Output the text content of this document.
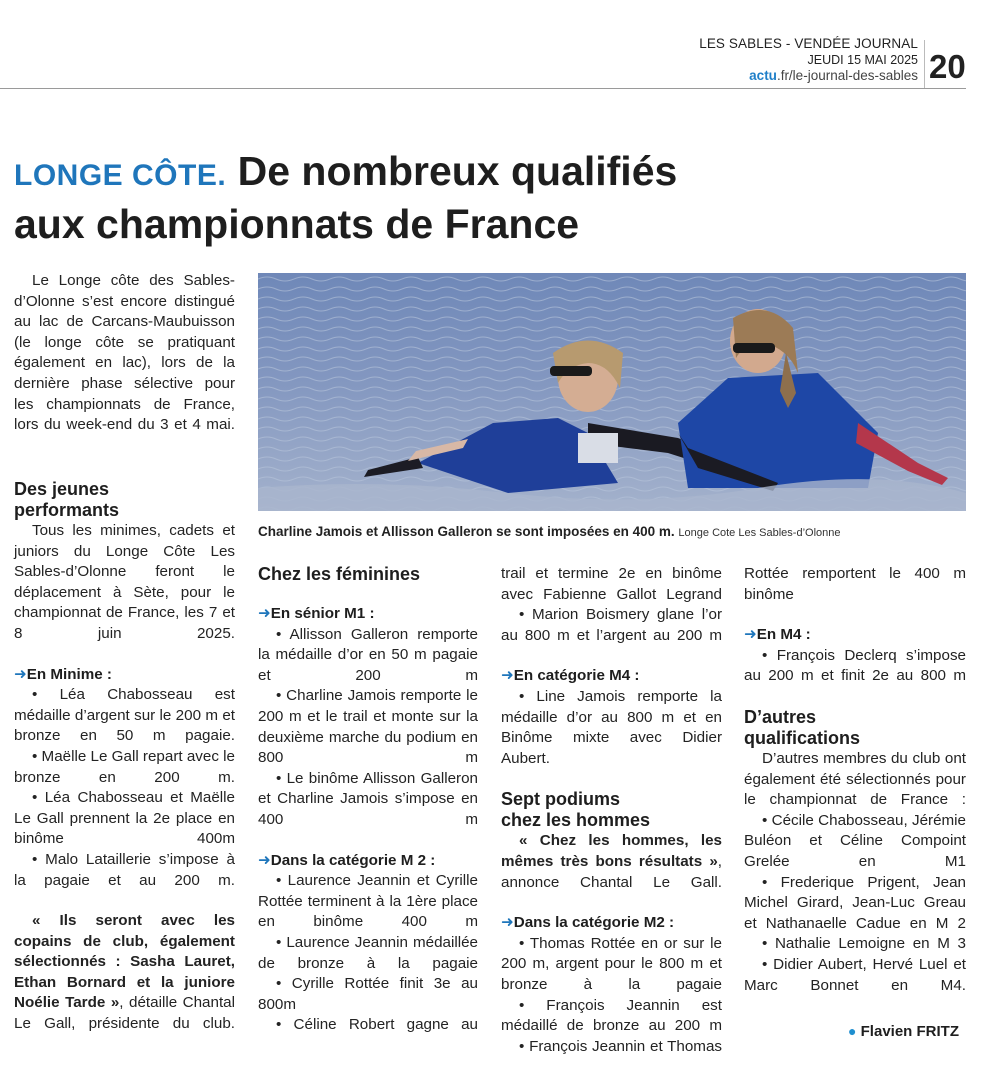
LES SABLES - VENDÉE JOURNAL
JEUDI 15 MAI 2025
actu.fr/le-journal-des-sables 20
LONGE CÔTE. De nombreux qualifiés
aux championnats de France

Le Longe côte des Sables-

d’Olonne s’est encore distingué

au lac de Carcans-Maubuisson

(le longe côte se pratiquant

également en lac), lors de la

dernière phase sélective pour

les championnats de France,

lors du week-end du 3 et 4 mai.

Des jeunes
performants

Tous les minimes, cadets et juniors du Longe Côte Les Sables-d’Olonne feront le déplacement à Sète, pour le championnat de France, les 7 et 8 juin 2025.

➜En Minime :

• Léa Chabosseau est médaille d’argent sur le 200 m et bronze en 50 m pagaie.

• Maëlle Le Gall repart avec le bronze en 200 m.

• Léa Chabosseau et Maëlle Le Gall prennent la 2e place en binôme 400m

• Malo Lataillerie s’impose à la pagaie et au 200 m.

« Ils seront avec les copains de club, également sélectionnés : Sasha Lauret, Ethan Bornard et la juniore Noélie Tarde », détaille Chantal Le Gall, présidente du club.

Charline Jamois et Allisson Galleron se sont imposées en 400 m. Longe Cote Les Sables-d’Olonne

Chez les féminines

➜En sénior M1 :

• Allisson Galleron remporte la médaille d’or en 50 m pagaie et 200 m

• Charline Jamois remporte le 200 m et le trail et monte sur la deuxième marche du podium en 800 m

• Le binôme Allisson Galleron et Charline Jamois s’impose en 400 m

➜Dans la catégorie M 2 :

• Laurence Jeannin et Cyrille Rottée terminent à la 1ère place en binôme 400 m

• Laurence Jeannin médaillée de bronze à la pagaie

• Cyrille Rottée finit 3e au 800m

• Céline Robert gagne au

trail et termine 2e en binôme avec Fabienne Gallot Legrand

• Marion Boismery glane l’or au 800 m et l’argent au 200 m

➜En catégorie M4 :

• Line Jamois remporte la médaille d’or au 800 m et en Binôme mixte avec Didier Aubert.

Sept podiums
chez les hommes

« Chez les hommes, les mêmes très bons résultats », annonce Chantal Le Gall.

➜Dans la catégorie M2 :

• Thomas Rottée en or sur le 200 m, argent pour le 800 m et bronze à la pagaie

• François Jeannin est médaillé de bronze au 200 m

• François Jeannin et Thomas

Rottée remportent le 400 m binôme

➜En M4 :

• François Declerq s’impose au 200 m et finit 2e au 800 m

D’autres
qualifications

D’autres membres du club ont également été sélectionnés pour le championnat de France :

• Cécile Chabosseau, Jérémie Buléon et Céline Compoint Grelée en M1

• Frederique Prigent, Jean Michel Girard, Jean-Luc Greau et Nathanaelle Cadue en M 2

• Nathalie Lemoigne en M 3

• Didier Aubert, Hervé Luel et Marc Bonnet en M4.

● Flavien FRITZ
